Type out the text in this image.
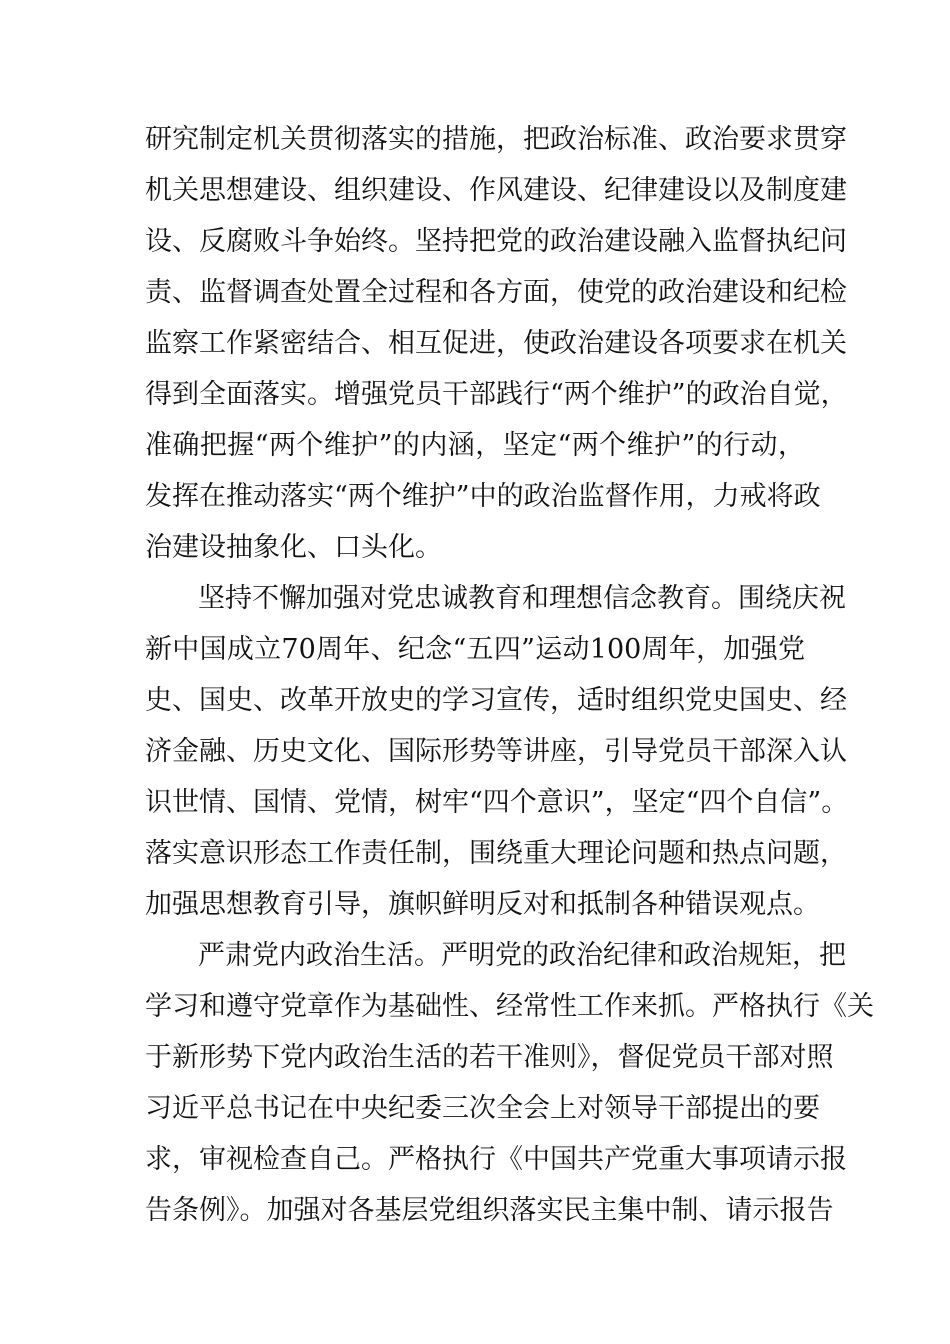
研究制定机关贯彻落实的措施，把政治标准、政治要求贯穿
机关思想建设、组织建设、作风建设、纪律建设以及制度建
设、反腐败斗争始终。坚持把党的政治建设融入监督执纪问
责、监督调查处置全过程和各方面，使党的政治建设和纪检
监察工作紧密结合、相互促进，使政治建设各项要求在机关
得到全面落实。增强党员干部践行“两个维护”的政治自觉，
准确把握“两个维护”的内涵，坚定“两个维护”的行动，
发挥在推动落实“两个维护”中的政治监督作用，力戒将政
治建设抽象化、口头化。
坚持不懈加强对党忠诚教育和理想信念教育。围绕庆祝
新中国成立70周年、纪念“五四”运动100周年，加强党
史、国史、改革开放史的学习宣传，适时组织党史国史、经
济金融、历史文化、国际形势等讲座，引导党员干部深入认
识世情、国情、党情，树牢“四个意识”，坚定“四个自信”。
落实意识形态工作责任制，围绕重大理论问题和热点问题，
加强思想教育引导，旗帜鲜明反对和抵制各种错误观点。
严肃党内政治生活。严明党的政治纪律和政治规矩，把
学习和遵守党章作为基础性、经常性工作来抓。严格执行《关
于新形势下党内政治生活的若干准则》，督促党员干部对照
习近平总书记在中央纪委三次全会上对领导干部提出的要
求，审视检查自己。严格执行《中国共产党重大事项请示报
告条例》。加强对各基层党组织落实民主集中制、请示报告
